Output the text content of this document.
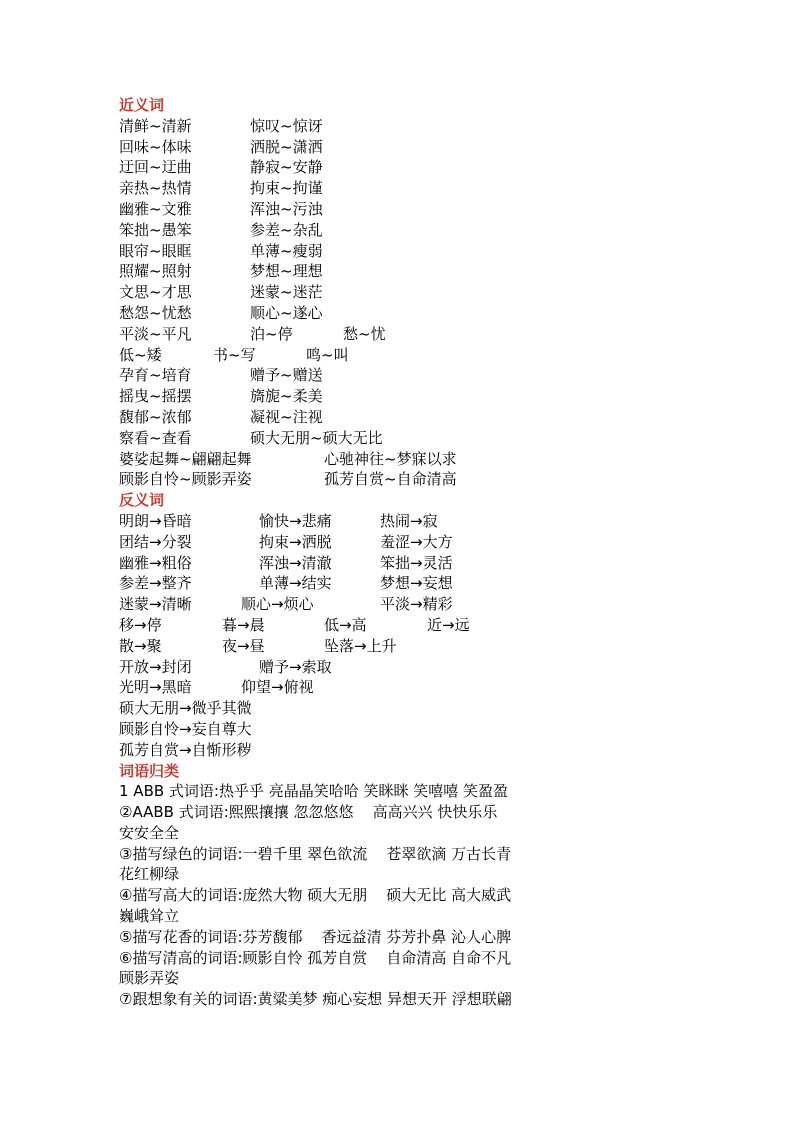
近义词
清鲜~清新	惊叹~惊讶
回味~体味	洒脱~潇洒
迂回~迂曲	静寂~安静
亲热~热情	拘束~拘谨
幽雅~文雅	浑浊~污浊
笨拙~愚笨	参差~杂乱
眼帘~眼眶	单薄~瘦弱
照耀~照射	梦想~理想
文思~才思	迷蒙~迷茫
愁怨~忧愁	顺心~遂心
平淡~平凡	泊~停	愁~忧
低~矮	书~写	鸣~叫
孕育~培育	赠予~赠送
摇曳~摇摆	旖旎~柔美
馥郁~浓郁	凝视~注视
察看~查看	硕大无朋~硕大无比
婆娑起舞~翩翩起舞	心驰神往~梦寐以求
顾影自怜~顾影弄姿	孤芳自赏~自命清高
反义词
明朗→昏暗	愉快→悲痛	热闹→寂
团结→分裂	拘束→洒脱	羞涩→大方
幽雅→粗俗	浑浊→清澈	笨拙→灵活
参差→整齐	单薄→结实	梦想→妄想
迷蒙→清晰	顺心→烦心	平淡→精彩
移→停	暮→晨	低→高	近→远
散→聚	夜→昼	坠落→上升
开放→封闭	赠予→索取
光明→黑暗	仰望→俯视
硕大无朋→微乎其微
顾影自怜→妄自尊大
孤芳自赏→自惭形秽
词语归类
1 ABB 式词语:热乎乎 亮晶晶笑哈哈 笑眯眯 笑嘻嘻 笑盈盈
②AABB 式词语:熙熙攘攘 忽忽悠悠    高高兴兴 快快乐乐
安安全全
③描写绿色的词语:一碧千里 翠色欲流    苍翠欲滴 万古长青
花红柳绿
④描写高大的词语:庞然大物 硕大无朋    硕大无比 高大威武
巍峨耸立
⑤描写花香的词语:芬芳馥郁    香远益清 芬芳扑鼻 沁人心脾
⑥描写清高的词语:顾影自怜 孤芳自赏    自命清高 自命不凡
顾影弄姿
⑦跟想象有关的词语:黄粱美梦 痴心妄想 异想天开 浮想联翩
